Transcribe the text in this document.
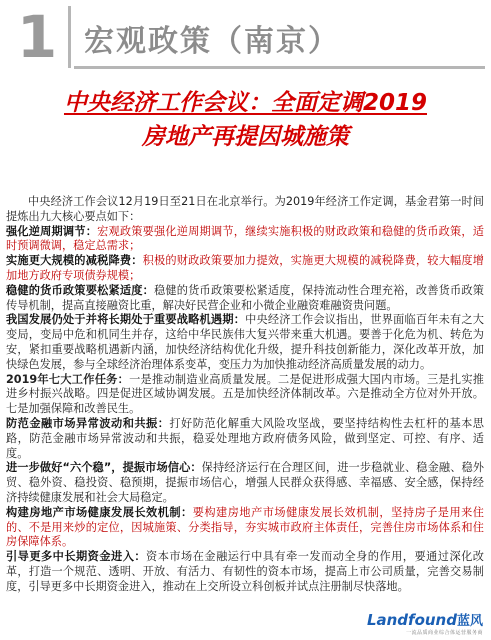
1 宏观政策（南京）
中央经济工作会议：全面定调2019
房地产再提因城施策

中央经济工作会议12月19日至21日在北京举行。为2019年经济工作定调，基金君第一时间提炼出九大核心要点如下：

强化逆周期调节：宏观政策要强化逆周期调节，继续实施积极的财政政策和稳健的货币政策，适时预调微调，稳定总需求；

实施更大规模的减税降费：积极的财政政策要加力提效，实施更大规模的减税降费，较大幅度增加地方政府专项债券规模；

稳健的货币政策要松紧适度：稳健的货币政策要松紧适度，保持流动性合理充裕，改善货币政策传导机制，提高直接融资比重，解决好民营企业和小微企业融资难融资贵问题。

我国发展仍处于并将长期处于重要战略机遇期：中央经济工作会议指出，世界面临百年未有之大变局，变局中危和机同生并存，这给中华民族伟大复兴带来重大机遇。要善于化危为机、转危为安，紧扣重要战略机遇新内涵，加快经济结构优化升级，提升科技创新能力，深化改革开放，加快绿色发展，参与全球经济治理体系变革，变压力为加快推动经济高质量发展的动力。

2019年七大工作任务：一是推动制造业高质量发展。二是促进形成强大国内市场。三是扎实推进乡村振兴战略。四是促进区域协调发展。五是加快经济体制改革。六是推动全方位对外开放。七是加强保障和改善民生。

防范金融市场异常波动和共振：打好防范化解重大风险攻坚战，要坚持结构性去杠杆的基本思路，防范金融市场异常波动和共振，稳妥处理地方政府债务风险，做到坚定、可控、有序、适度。

进一步做好“六个稳”，提振市场信心：保持经济运行在合理区间，进一步稳就业、稳金融、稳外贸、稳外资、稳投资、稳预期，提振市场信心，增强人民群众获得感、幸福感、安全感，保持经济持续健康发展和社会大局稳定。

构建房地产市场健康发展长效机制：要构建房地产市场健康发展长效机制，坚持房子是用来住的、不是用来炒的定位，因城施策、分类指导，夯实城市政府主体责任，完善住房市场体系和住房保障体系。

引导更多中长期资金进入：资本市场在金融运行中具有牵一发而动全身的作用，要通过深化改革，打造一个规范、透明、开放、有活力、有韧性的资本市场，提高上市公司质量，完善交易制度，引导更多中长期资金进入，推动在上交所设立科创板并试点注册制尽快落地。

Landfound蓝风
一流品质商业综合体运营服务商
